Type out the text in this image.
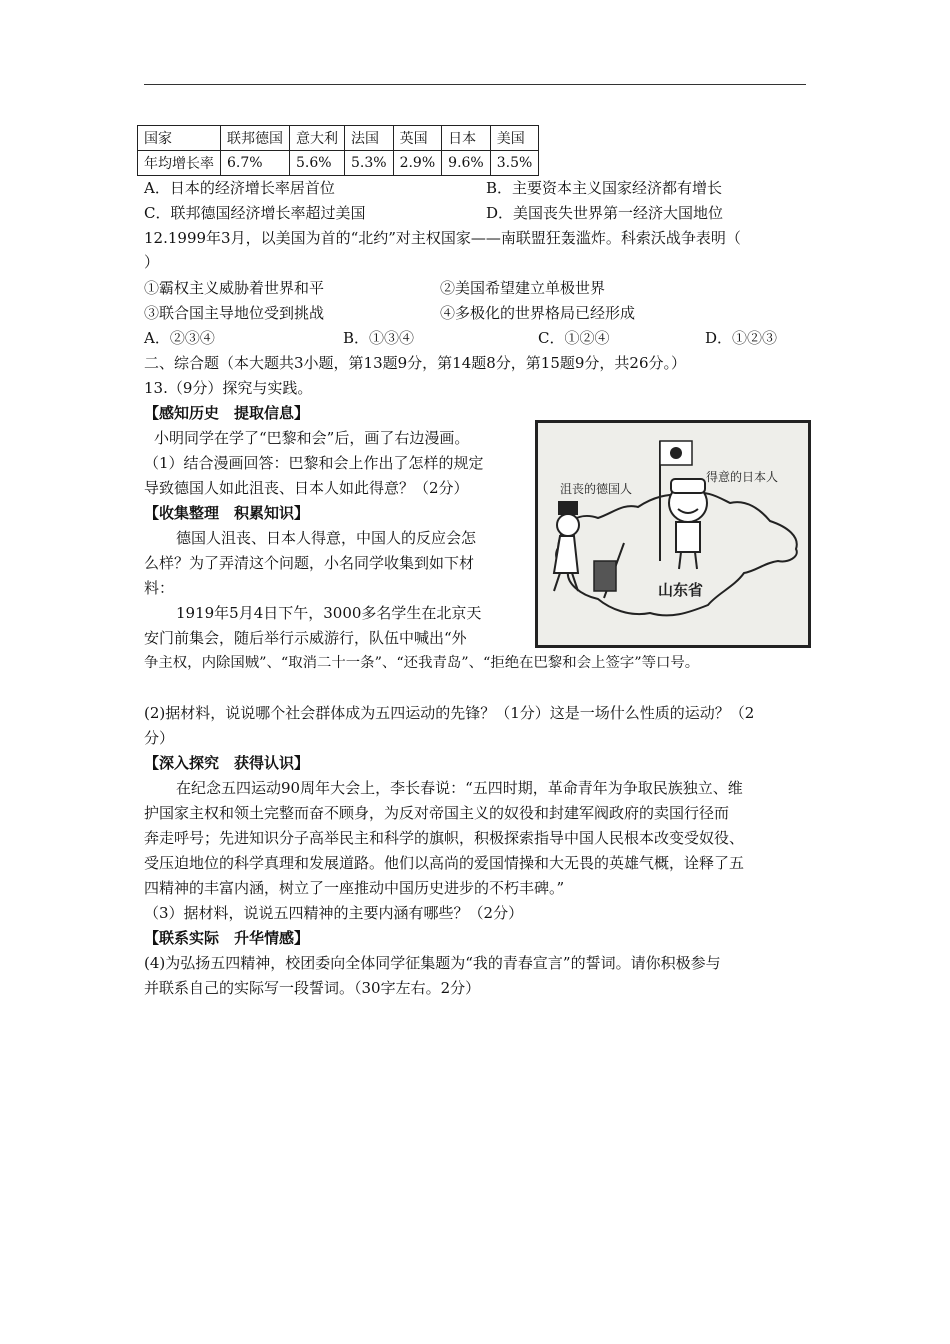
国家	联邦德国	意大利	法国	英国	日本	美国
年均增长率	6.7%	5.6%	5.3%	2.9%	9.6%	3.5%
A．日本的经济增长率居首位	B．主要资本主义国家经济都有增长
C．联邦德国经济增长率超过美国	D．美国丧失世界第一经济大国地位
12.1999年3月，以美国为首的“北约”对主权国家——南联盟狂轰滥炸。科索沃战争表明（
）
①霸权主义威胁着世界和平	②美国希望建立单极世界
③联合国主导地位受到挑战	④多极化的世界格局已经形成
A．②③④	B．①③④	C．①②④	D．①②③
二、综合题（本大题共3小题，第13题9分，第14题8分，第15题9分，共26分。）
13.（9分）探究与实践。
【感知历史　提取信息】
小明同学在学了“巴黎和会”后，画了右边漫画。
（1）结合漫画回答：巴黎和会上作出了怎样的规定
导致德国人如此沮丧、日本人如此得意？（2分）
【收集整理　积累知识】
德国人沮丧、日本人得意，中国人的反应会怎
么样？为了弄清这个问题，小名同学收集到如下材
料：
1919年5月4日下午，3000多名学生在北京天
安门前集会，随后举行示威游行，队伍中喊出“外
争主权，内除国贼”、“取消二十一条”、“还我青岛”、“拒绝在巴黎和会上签字”等口号。
(2)据材料，说说哪个社会群体成为五四运动的先锋？（1分）这是一场什么性质的运动？（2
分）
【深入探究　获得认识】
在纪念五四运动90周年大会上，李长春说：“五四时期，革命青年为争取民族独立、维
护国家主权和领土完整而奋不顾身，为反对帝国主义的奴役和封建军阀政府的卖国行径而
奔走呼号；先进知识分子高举民主和科学的旗帜，积极探索指导中国人民根本改变受奴役、
受压迫地位的科学真理和发展道路。他们以高尚的爱国情操和大无畏的英雄气概，诠释了五
四精神的丰富内涵，树立了一座推动中国历史进步的不朽丰碑。”
（3）据材料，说说五四精神的主要内涵有哪些？（2分）
【联系实际　升华情感】
(4)为弘扬五四精神，校团委向全体同学征集题为“我的青春宣言”的誓词。请你积极参与
并联系自己的实际写一段誓词。（30字左右。2分）
沮丧的德国人
得意的日本人
山东省
